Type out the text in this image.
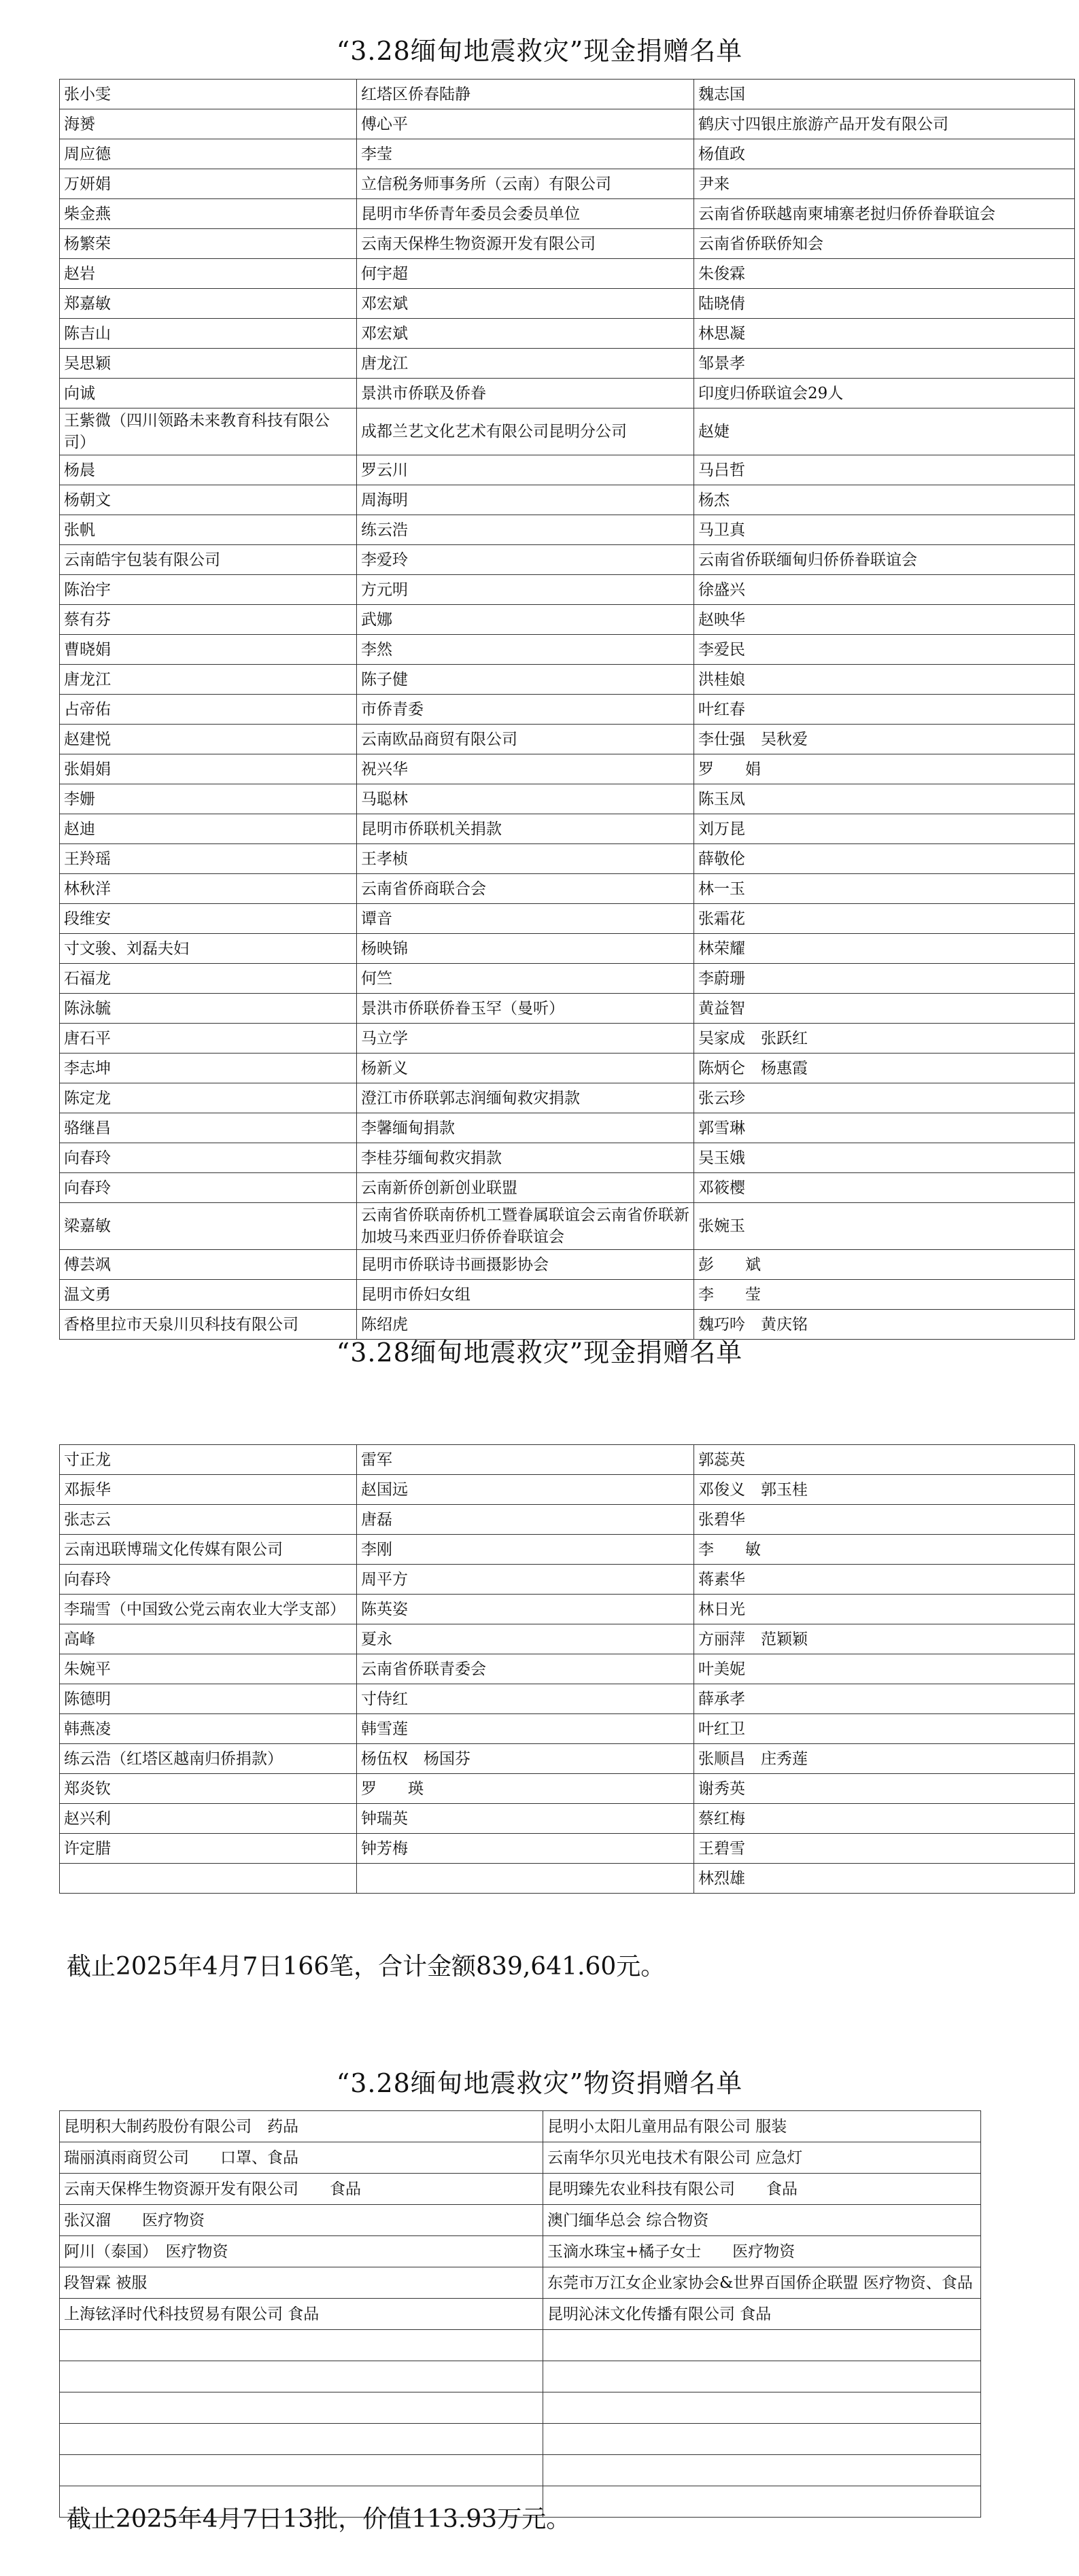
“3.28缅甸地震救灾”现金捐赠名单
张小雯	红塔区侨春陆静	魏志国
海赟	傅心平	鹤庆寸四银庄旅游产品开发有限公司
周应德	李莹	杨值政
万妍娟	立信税务师事务所（云南）有限公司	尹来
柴金燕	昆明市华侨青年委员会委员单位	云南省侨联越南柬埔寨老挝归侨侨眷联谊会
杨繁荣	云南天保桦生物资源开发有限公司	云南省侨联侨知会
赵岩	何宇超	朱俊霖
郑嘉敏	邓宏斌	陆晓倩
陈吉山	邓宏斌	林思凝
吴思颖	唐龙江	邹景孝
向诚	景洪市侨联及侨眷	印度归侨联谊会29人
王紫微（四川领路未来教育科技有限公司）	成都兰艺文化艺术有限公司昆明分公司	赵婕
杨晨	罗云川	马吕哲
杨朝文	周海明	杨杰
张帆	练云浩	马卫真
云南皓宇包装有限公司	李爱玲	云南省侨联缅甸归侨侨眷联谊会
陈治宇	方元明	徐盛兴
蔡有芬	武娜	赵映华
曹晓娟	李然	李爱民
唐龙江	陈子健	洪桂娘
占帝佑	市侨青委	叶红春
赵建悦	云南欧品商贸有限公司	李仕强　吴秋爱
张娟娟	祝兴华	罗　　娟
李姗	马聪林	陈玉凤
赵迪	昆明市侨联机关捐款	刘万昆
王羚瑶	王孝桢	薛敬伦
林秋洋	云南省侨商联合会	林一玉
段维安	谭音	张霜花
寸文骏、刘磊夫妇	杨映锦	林荣耀
石福龙	何竺	李蔚珊
陈泳毓	景洪市侨联侨眷玉罕（曼听）	黄益智
唐石平	马立学	吴家成　张跃红
李志坤	杨新义	陈炳仑　杨惠霞
陈定龙	澄江市侨联郭志润缅甸救灾捐款	张云珍
骆继昌	李馨缅甸捐款	郭雪琳
向春玲	李桂芬缅甸救灾捐款	吴玉娥
向春玲	云南新侨创新创业联盟	邓筱樱
梁嘉敏	云南省侨联南侨机工暨眷属联谊会云南省侨联新加坡马来西亚归侨侨眷联谊会	张婉玉
傅芸飒	昆明市侨联诗书画摄影协会	彭　　斌
温文勇	昆明市侨妇女组	李　　莹
香格里拉市天泉川贝科技有限公司	陈绍虎	魏巧吟　黄庆铭
“3.28缅甸地震救灾”现金捐赠名单
寸正龙	雷军	郭蕊英
邓振华	赵国远	邓俊义　郭玉桂
张志云	唐磊	张碧华
云南迅联博瑞文化传媒有限公司	李刚	李　　敏
向春玲	周平方	蒋素华
李瑞雪（中国致公党云南农业大学支部）	陈英姿	林日光
高峰	夏永	方丽萍　范颖颖
朱婉平	云南省侨联青委会	叶美妮
陈德明	寸侍红	薛承孝
韩燕凌	韩雪莲	叶红卫
练云浩（红塔区越南归侨捐款）	杨伍权　杨国芬	张顺昌　庄秀莲
郑炎钦	罗　　瑛	谢秀英
赵兴利	钟瑞英	蔡红梅
许定腊	钟芳梅	王碧雪
		林烈雄

截止2025年4月7日166笔，合计金额839,641.60元。

“3.28缅甸地震救灾”物资捐赠名单
昆明积大制药股份有限公司　药品	昆明小太阳儿童用品有限公司 服装
瑞丽滇雨商贸公司　　口罩、食品	云南华尔贝光电技术有限公司 应急灯
云南天保桦生物资源开发有限公司　　食品	昆明臻先农业科技有限公司　　食品
张汉溜　　医疗物资	澳门缅华总会 综合物资
阿川（泰国）　医疗物资	玉滴水珠宝+橘子女士　　医疗物资
段智霖 被服	东莞市万江女企业家协会&世界百国侨企联盟 医疗物资、食品
上海铉泽时代科技贸易有限公司 食品	昆明沁沫文化传播有限公司 食品

截止2025年4月7日13批，价值113.93万元。
